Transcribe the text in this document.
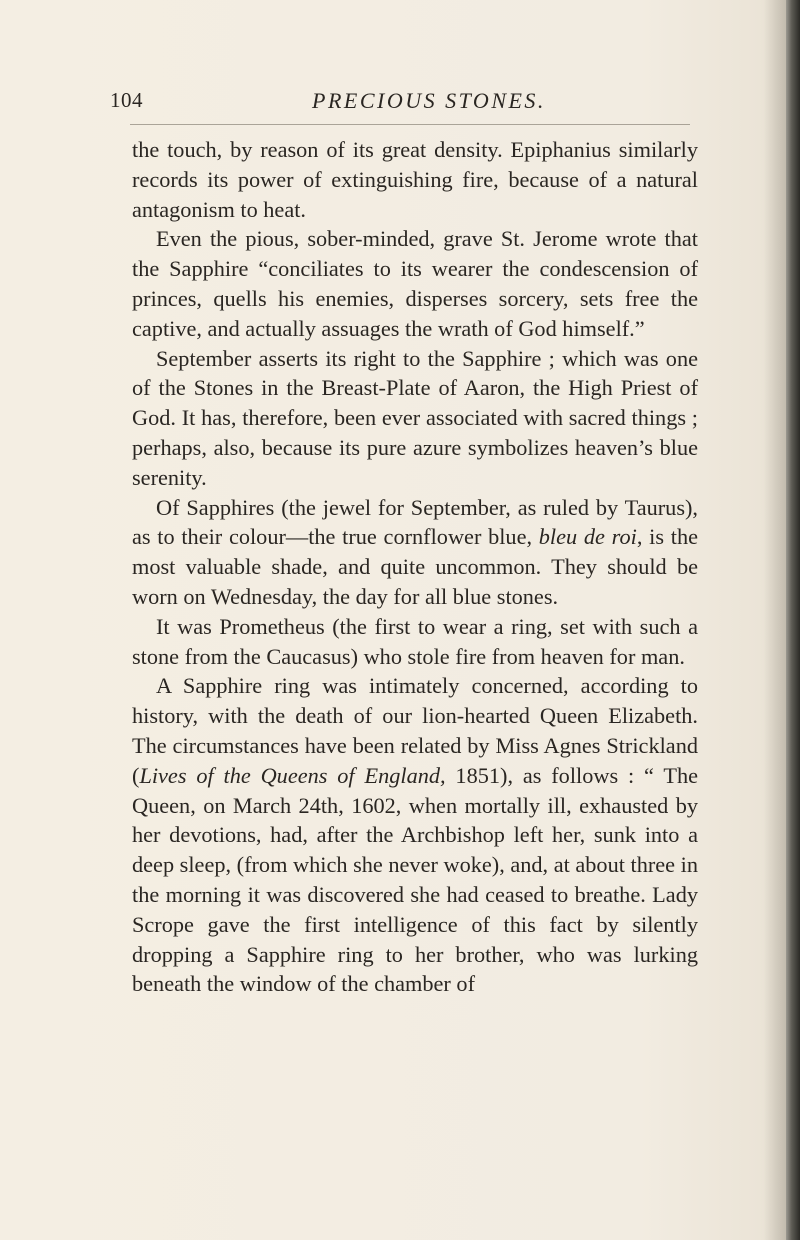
104	PRECIOUS STONES.

the touch, by reason of its great density. Epiphanius similarly records its power of extinguishing fire, because of a natural antagonism to heat.

Even the pious, sober-minded, grave St. Jerome wrote that the Sapphire “conciliates to its wearer the condescension of princes, quells his enemies, disperses sorcery, sets free the captive, and actually assuages the wrath of God himself.”

September asserts its right to the Sapphire ; which was one of the Stones in the Breast-Plate of Aaron, the High Priest of God. It has, therefore, been ever associated with sacred things ; perhaps, also, because its pure azure symbolizes heaven’s blue serenity.

Of Sapphires (the jewel for September, as ruled by Taurus), as to their colour—the true cornflower blue, bleu de roi, is the most valuable shade, and quite uncommon. They should be worn on Wednesday, the day for all blue stones.

It was Prometheus (the first to wear a ring, set with such a stone from the Caucasus) who stole fire from heaven for man.

A Sapphire ring was intimately concerned, according to history, with the death of our lion-hearted Queen Elizabeth. The circumstances have been related by Miss Agnes Strickland (Lives of the Queens of England, 1851), as follows : “ The Queen, on March 24th, 1602, when mortally ill, exhausted by her devotions, had, after the Archbishop left her, sunk into a deep sleep, (from which she never woke), and, at about three in the morning it was discovered she had ceased to breathe. Lady Scrope gave the first intelligence of this fact by silently dropping a Sapphire ring to her brother, who was lurking beneath the window of the chamber of
